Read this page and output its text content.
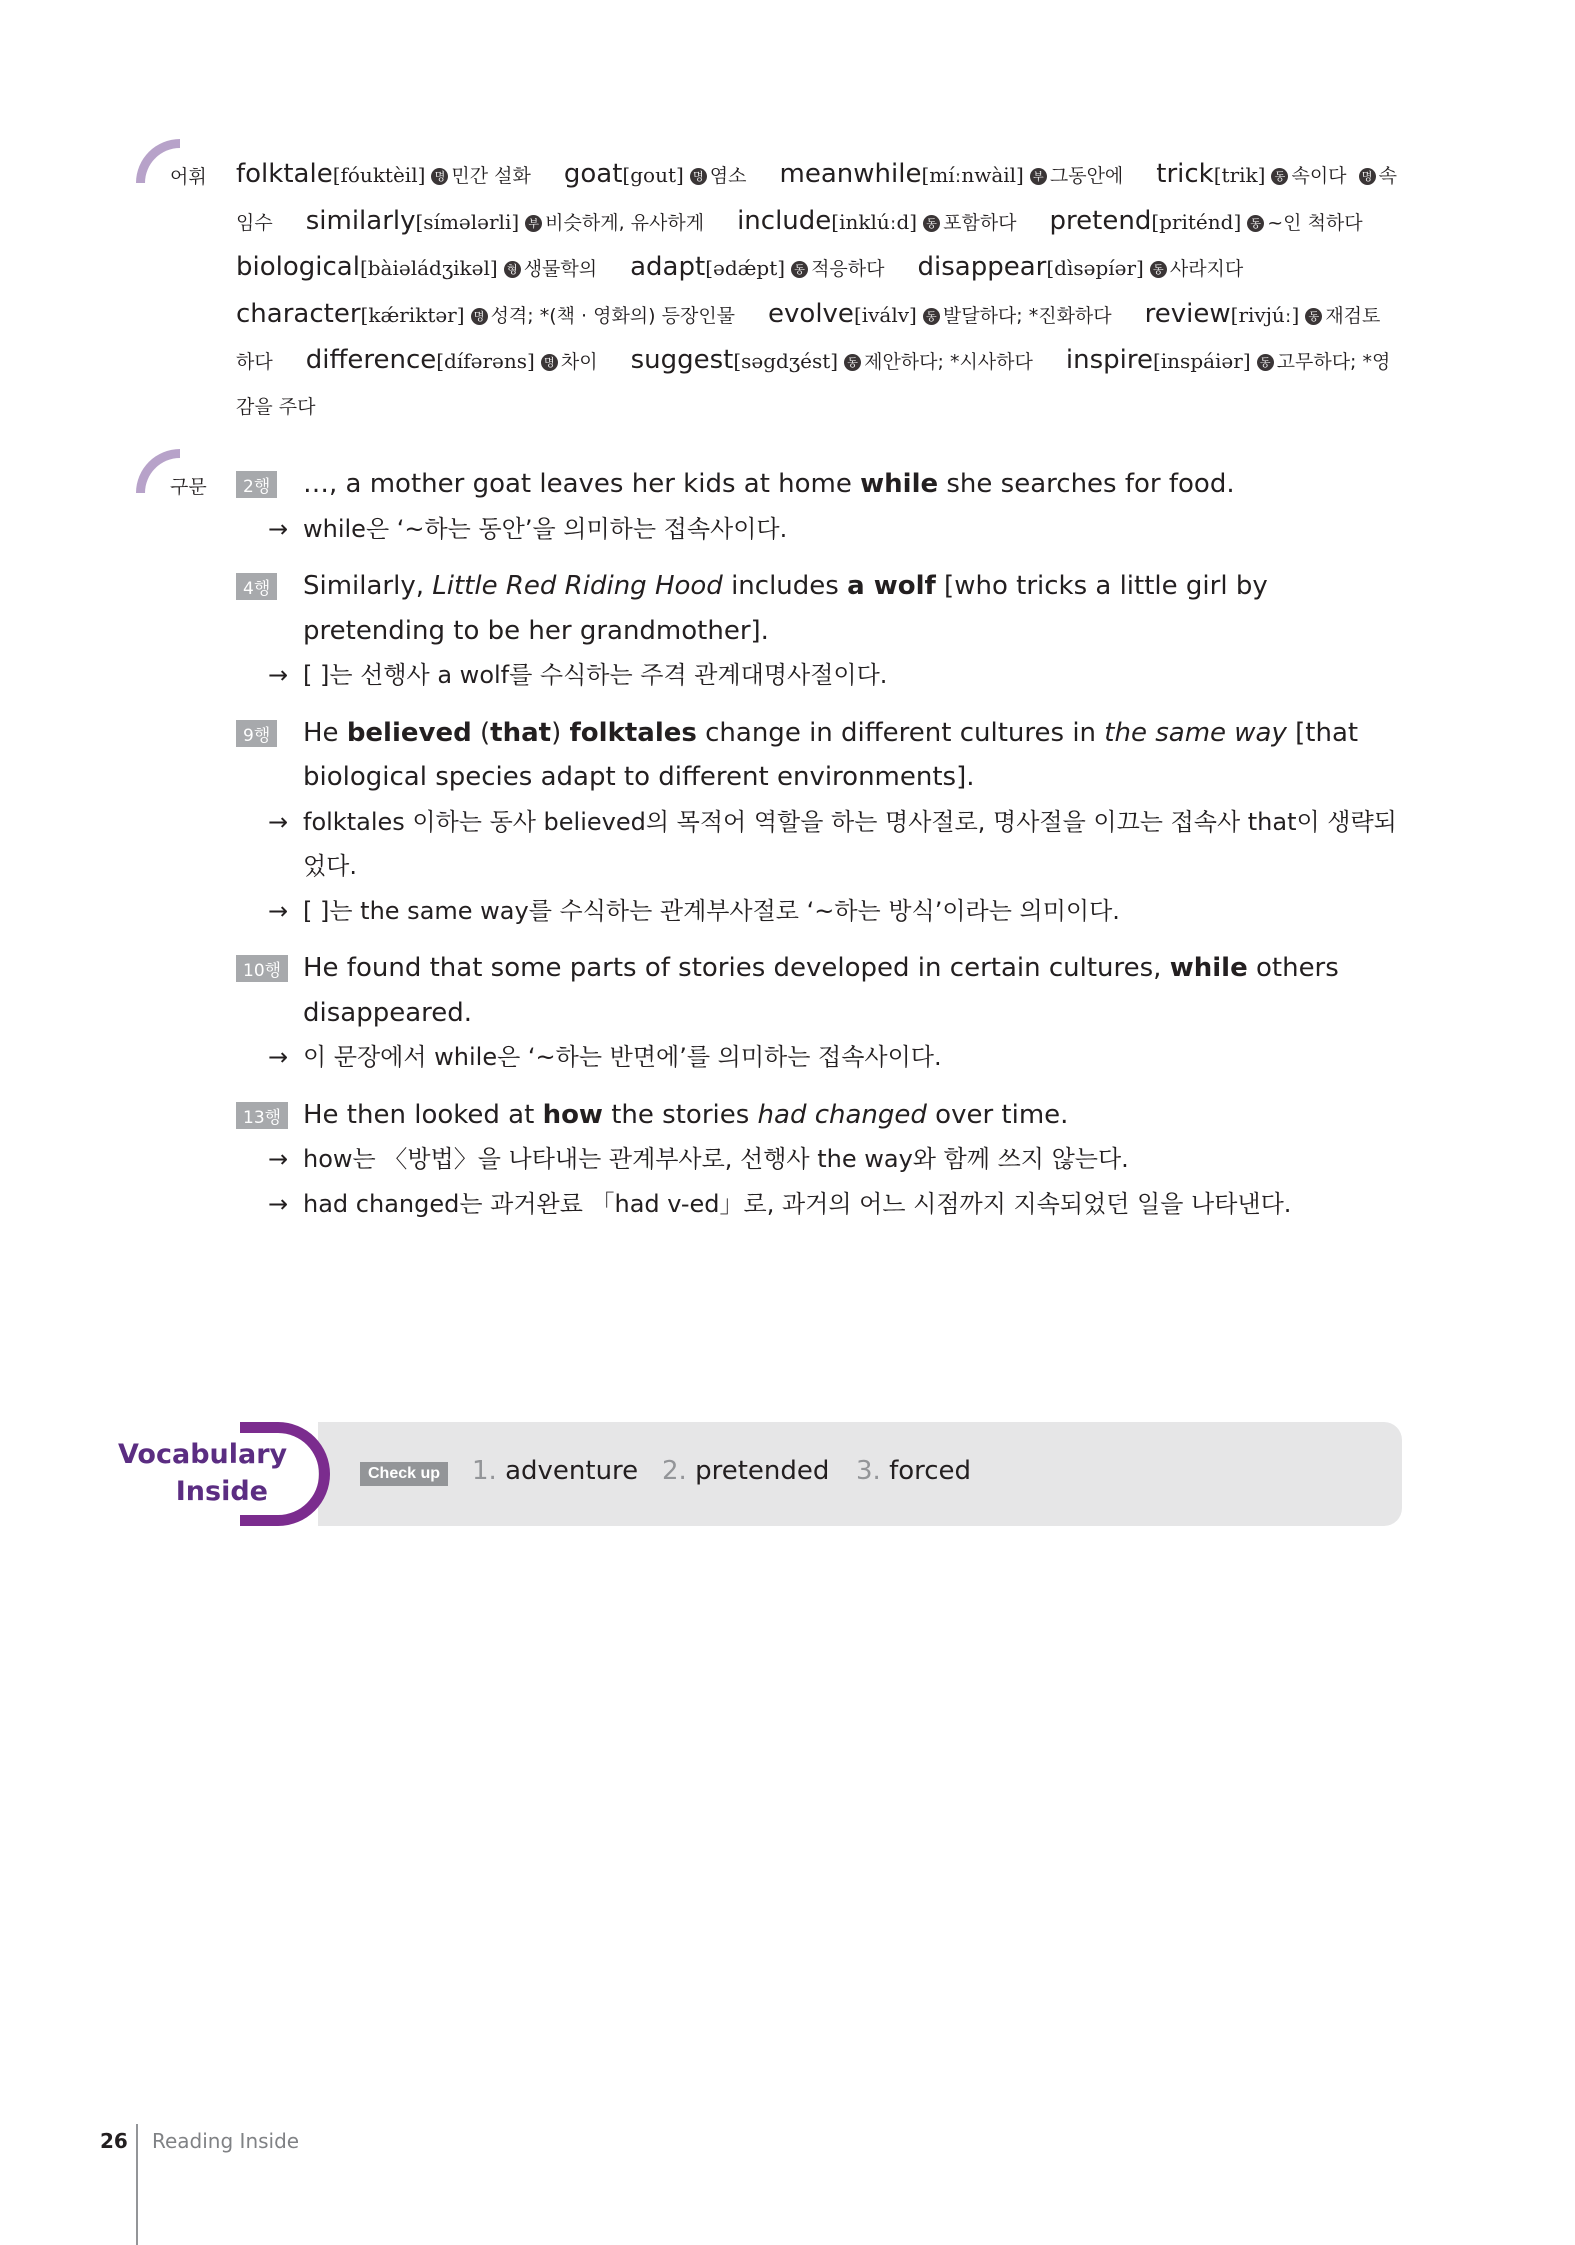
어휘 folktale[fóuktèil] 명 민간 설화 goat[gout] 명 염소 meanwhile[míːnwàil] 부 그동안에 trick[trik] 동 속이다 명 속임수 similarly[símələrli] 부 비슷하게, 유사하게 include[inklúːd] 동 포함하다 pretend[priténd] 동 ~인 척하다 biological[bàiəládʒikəl] 형 생물학의 adapt[ədǽpt] 동 적응하다 disappear[dìsəpíər] 동 사라지다 character[kǽriktər] 명 성격; *(책 · 영화의) 등장인물 evolve[iválv] 동 발달하다; *진화하다 review[rivjúː] 동 재검토하다 difference[dífərəns] 명 차이 suggest[səgdʒést] 동 제안하다; *시사하다 inspire[inspáiər] 동 고무하다; *영감을 주다
구문	2행 …, a mother goat leaves her kids at home while she searches for food.
→ while은 ‘~하는 동안’을 의미하는 접속사이다.
4행 Similarly, Little Red Riding Hood includes a wolf [who tricks a little girl by pretending to be her grandmother].
→ [ ]는 선행사 a wolf를 수식하는 주격 관계대명사절이다.
9행 He believed (that) folktales change in different cultures in the same way [that biological species adapt to different environments].
→ folktales 이하는 동사 believed의 목적어 역할을 하는 명사절로, 명사절을 이끄는 접속사 that이 생략되었다.
→ [ ]는 the same way를 수식하는 관계부사절로 ‘~하는 방식’이라는 의미이다.
10행 He found that some parts of stories developed in certain cultures, while others disappeared.
→ 이 문장에서 while은 ‘~하는 반면에’를 의미하는 접속사이다.
13행 He then looked at how the stories had changed over time.
→ how는 〈방법〉을 나타내는 관계부사로, 선행사 the way와 함께 쓰지 않는다.
→ had changed는 과거완료 「had v-ed」로, 과거의 어느 시점까지 지속되었던 일을 나타낸다.
Vocabulary
Inside
Check up	1. adventure 2. pretended 3. forced
26 Reading Inside
